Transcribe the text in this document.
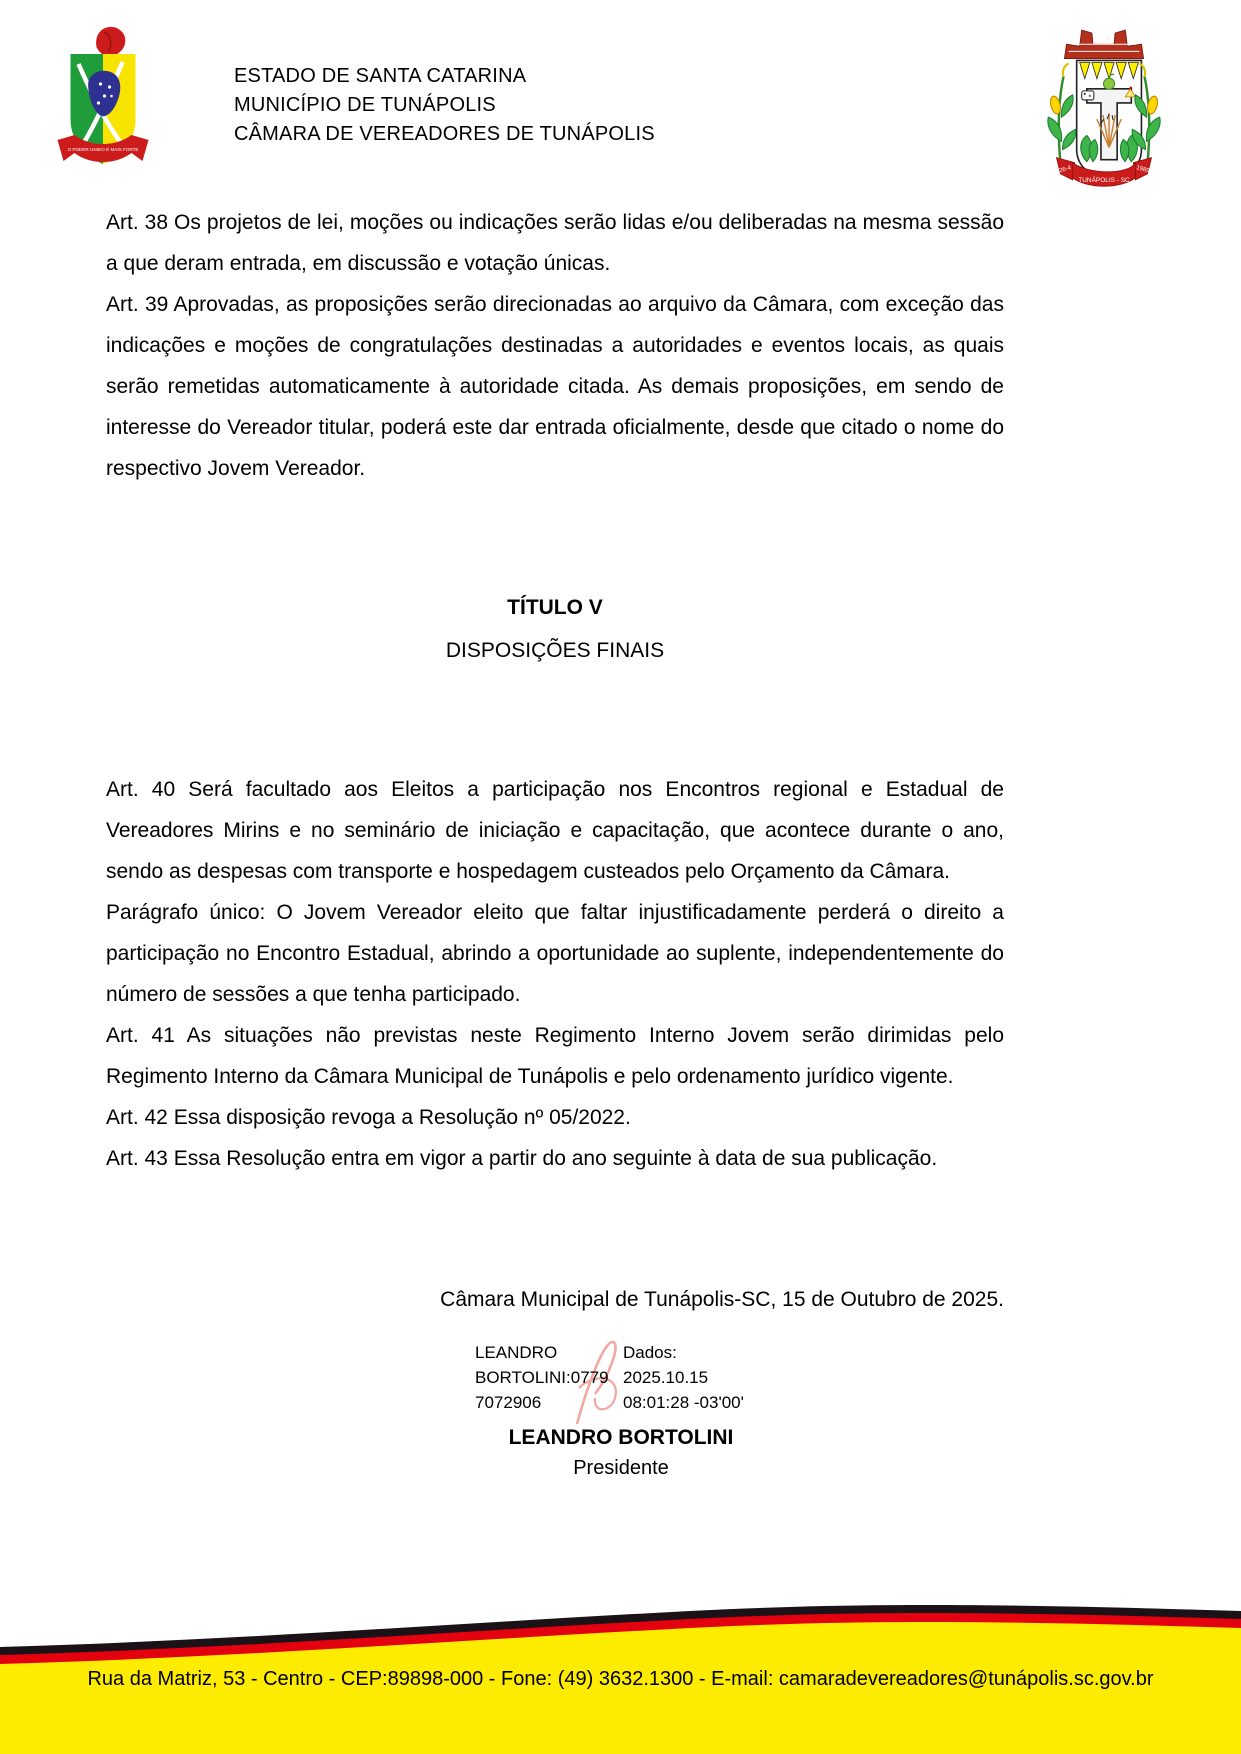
O PODER UNIDO É MAIS FORTE
ESTADO DE SANTA CATARINA
MUNICÍPIO DE TUNÁPOLIS
CÂMARA DE VEREADORES DE TUNÁPOLIS
26-4	1989
TUNÁPOLIS - SC

Art. 38 Os projetos de lei, moções ou indicações serão lidas e/ou deliberadas na mesma sessão a que deram entrada, em discussão e votação únicas.

Art. 39 Aprovadas, as proposições serão direcionadas ao arquivo da Câmara, com exceção das indicações e moções de congratulações destinadas a autoridades e eventos locais, as quais serão remetidas automaticamente à autoridade citada. As demais proposições, em sendo de interesse do Vereador titular, poderá este dar entrada oficialmente, desde que citado o nome do respectivo Jovem Vereador.

TÍTULO V

DISPOSIÇÕES FINAIS

Art. 40 Será facultado aos Eleitos a participação nos Encontros regional e Estadual de Vereadores Mirins e no seminário de iniciação e capacitação, que acontece durante o ano, sendo as despesas com transporte e hospedagem custeados pelo Orçamento da Câmara.

Parágrafo único: O Jovem Vereador eleito que faltar injustificadamente perderá o direito a participação no Encontro Estadual, abrindo a oportunidade ao suplente, independentemente do número de sessões a que tenha participado.

Art. 41 As situações não previstas neste Regimento Interno Jovem serão dirimidas pelo Regimento Interno da Câmara Municipal de Tunápolis e pelo ordenamento jurídico vigente.

Art. 42 Essa disposição revoga a Resolução nº 05/2022.

Art. 43 Essa Resolução entra em vigor a partir do ano seguinte à data de sua publicação.

Câmara Municipal de Tunápolis-SC, 15 de Outubro de 2025.

LEANDRO
BORTOLINI:0779
7072906
Dados:
2025.10.15
08:01:28 -03'00'
LEANDRO BORTOLINI
Presidente
Rua da Matriz, 53 - Centro - CEP:89898-000 - Fone: (49) 3632.1300 - E-mail: camaradevereadores@tunápolis.sc.gov.br
